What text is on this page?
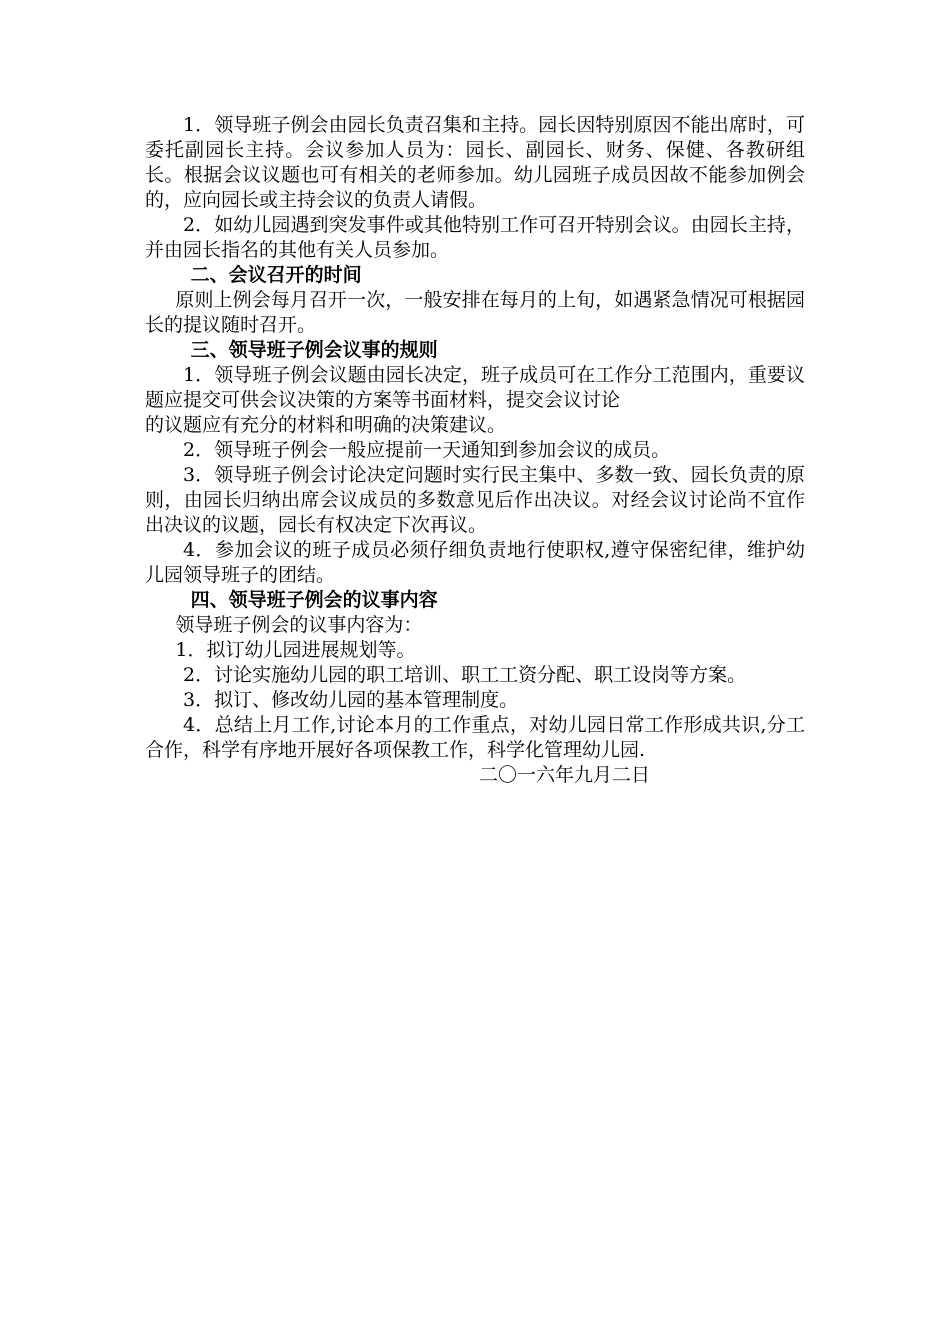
1．领导班子例会由园长负责召集和主持。园长因特别原因不能出席时，可委托副园长主持。会议参加人员为：园长、副园长、财务、保健、各教研组长。根据会议议题也可有相关的老师参加。幼儿园班子成员因故不能参加例会的，应向园长或主持会议的负责人请假。

2．如幼儿园遇到突发事件或其他特别工作可召开特别会议。由园长主持，并由园长指名的其他有关人员参加。

二、会议召开的时间

原则上例会每月召开一次，一般安排在每月的上旬，如遇紧急情况可根据园长的提议随时召开。

三、领导班子例会议事的规则

1．领导班子例会议题由园长决定，班子成员可在工作分工范围内，重要议题应提交可供会议决策的方案等书面材料，提交会议讨论

的议题应有充分的材料和明确的决策建议。

2．领导班子例会一般应提前一天通知到参加会议的成员。

3．领导班子例会讨论决定问题时实行民主集中、多数一致、园长负责的原则，由园长归纳出席会议成员的多数意见后作出决议。对经会议讨论尚不宜作出决议的议题，园长有权决定下次再议。

4．参加会议的班子成员必须仔细负责地行使职权,遵守保密纪律，维护幼儿园领导班子的团结。

四、领导班子例会的议事内容

领导班子例会的议事内容为：

1．拟订幼儿园进展规划等。

2．讨论实施幼儿园的职工培训、职工工资分配、职工设岗等方案。

3．拟订、修改幼儿园的基本管理制度。

4．总结上月工作,讨论本月的工作重点，对幼儿园日常工作形成共识,分工合作，科学有序地开展好各项保教工作，科学化管理幼儿园.

二〇一六年九月二日
